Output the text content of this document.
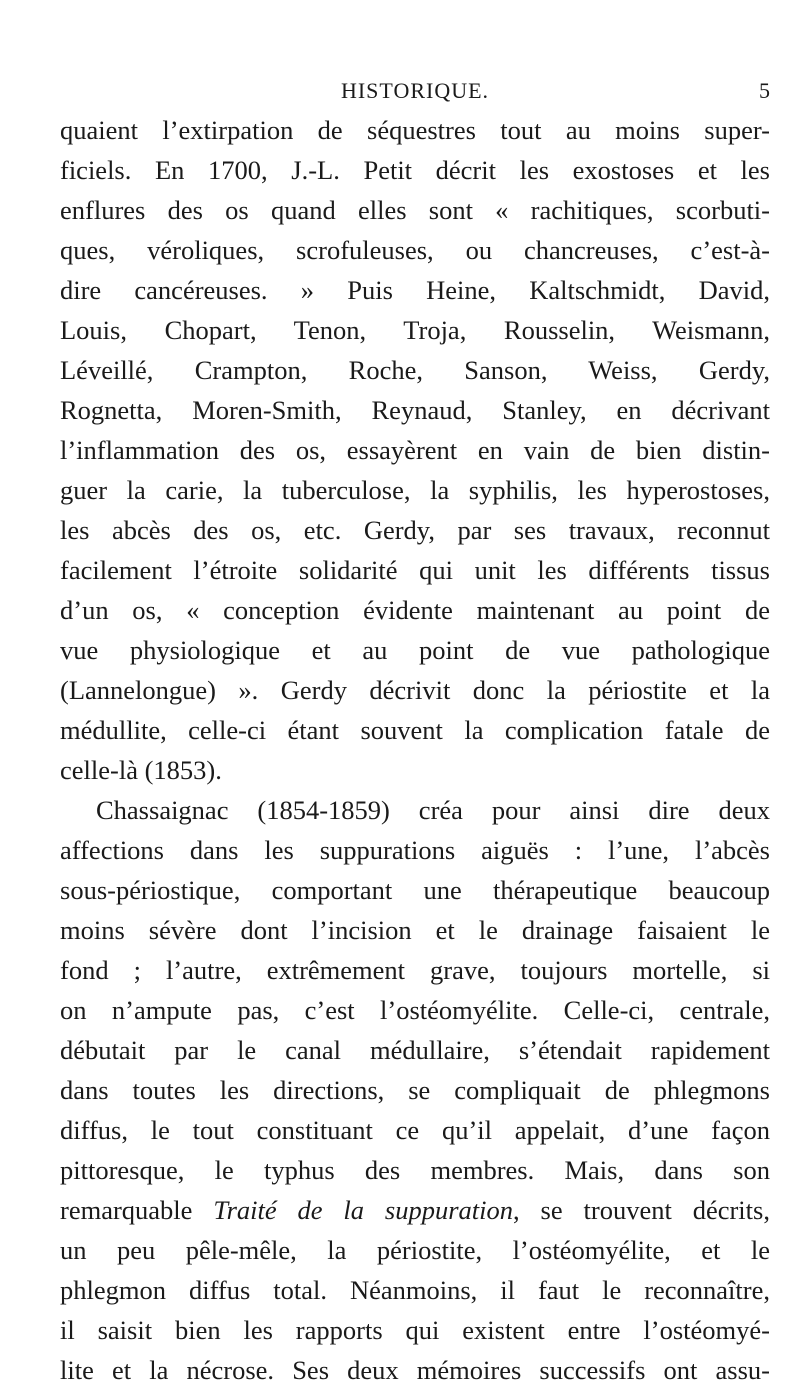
HISTORIQUE.	5
quaient l’extirpation de séquestres tout au moins super-
ficiels. En 1700, J.-L. Petit décrit les exostoses et les
enflures des os quand elles sont « rachitiques, scorbuti-
ques, véroliques, scrofuleuses, ou chancreuses, c’est-à-
dire cancéreuses. » Puis Heine, Kaltschmidt, David,
Louis, Chopart, Tenon, Troja, Rousselin, Weismann,
Léveillé, Crampton, Roche, Sanson, Weiss, Gerdy,
Rognetta, Moren-Smith, Reynaud, Stanley, en décrivant
l’inflammation des os, essayèrent en vain de bien distin-
guer la carie, la tuberculose, la syphilis, les hyperostoses,
les abcès des os, etc. Gerdy, par ses travaux, reconnut
facilement l’étroite solidarité qui unit les différents tissus
d’un os, « conception évidente maintenant au point de
vue physiologique et au point de vue pathologique
(Lannelongue) ». Gerdy décrivit donc la périostite et la
médullite, celle-ci étant souvent la complication fatale de
celle-là (1853).
Chassaignac (1854-1859) créa pour ainsi dire deux
affections dans les suppurations aiguës : l’une, l’abcès
sous-périostique, comportant une thérapeutique beaucoup
moins sévère dont l’incision et le drainage faisaient le
fond ; l’autre, extrêmement grave, toujours mortelle, si
on n’ampute pas, c’est l’ostéomyélite. Celle-ci, centrale,
débutait par le canal médullaire, s’étendait rapidement
dans toutes les directions, se compliquait de phlegmons
diffus, le tout constituant ce qu’il appelait, d’une façon
pittoresque, le typhus des membres. Mais, dans son
remarquable Traité de la suppuration, se trouvent décrits,
un peu pêle-mêle, la périostite, l’ostéomyélite, et le
phlegmon diffus total. Néanmoins, il faut le reconnaître,
il saisit bien les rapports qui existent entre l’ostéomyé-
lite et la nécrose. Ses deux mémoires successifs ont assu-
